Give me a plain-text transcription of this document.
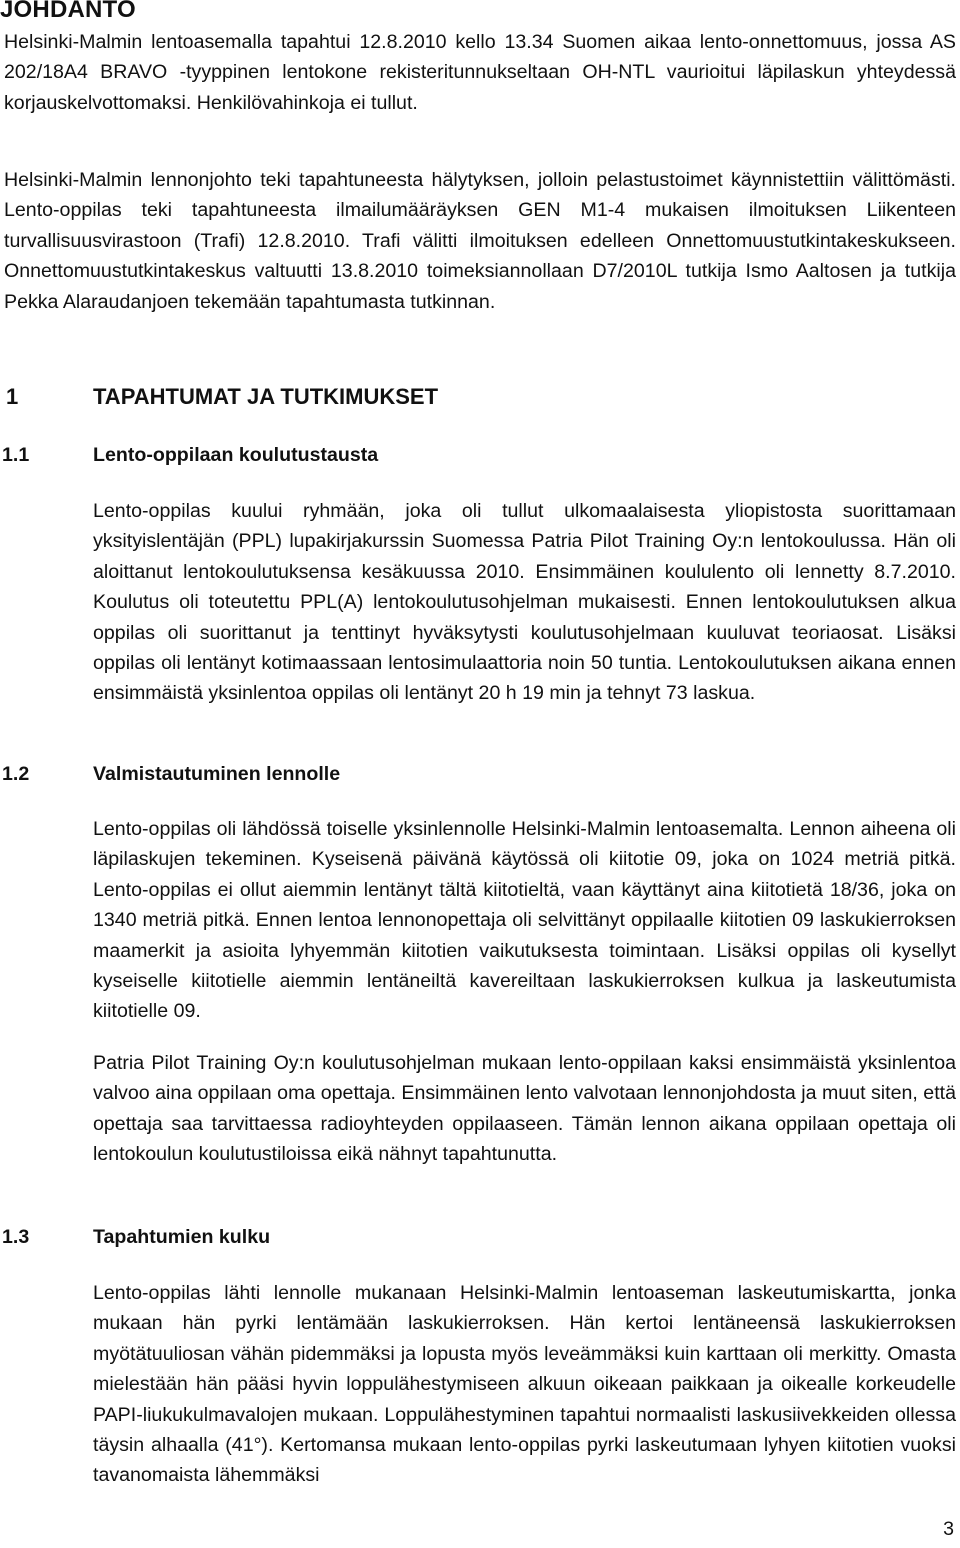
JOHDANTO

Helsinki-Malmin lentoasemalla tapahtui 12.8.2010 kello 13.34 Suomen aikaa lento-onnettomuus, jossa AS 202/18A4 BRAVO -tyyppinen lentokone rekisteritunnukseltaan OH-NTL vaurioitui läpilaskun yhteydessä korjauskelvottomaksi. Henkilövahinkoja ei tullut.

Helsinki-Malmin lennonjohto teki tapahtuneesta hälytyksen, jolloin pelastustoimet käynnistettiin välittömästi. Lento-oppilas teki tapahtuneesta ilmailumääräyksen GEN M1-4 mukaisen ilmoituksen Liikenteen turvallisuusvirastoon (Trafi) 12.8.2010. Trafi välitti ilmoituksen edelleen Onnettomuustutkintakeskukseen. Onnettomuustutkintakeskus valtuutti 13.8.2010 toimeksiannollaan D7/2010L tutkija Ismo Aaltosen ja tutkija Pekka Alaraudanjoen tekemään tapahtumasta tutkinnan.

1	TAPAHTUMAT JA TUTKIMUKSET
1.1	Lento-oppilaan koulutustausta

Lento-oppilas kuului ryhmään, joka oli tullut ulkomaalaisesta yliopistosta suorittamaan yksityislentäjän (PPL) lupakirjakurssin Suomessa Patria Pilot Training Oy:n lentokoulussa. Hän oli aloittanut lentokoulutuksensa kesäkuussa 2010. Ensimmäinen koululento oli lennetty 8.7.2010. Koulutus oli toteutettu PPL(A) lentokoulutusohjelman mukaisesti. Ennen lentokoulutuksen alkua oppilas oli suorittanut ja tenttinyt hyväksytysti koulutusohjelmaan kuuluvat teoriaosat. Lisäksi oppilas oli lentänyt kotimaassaan lentosimulaattoria noin 50 tuntia. Lentokoulutuksen aikana ennen ensimmäistä yksinlentoa oppilas oli lentänyt 20 h 19 min ja tehnyt 73 laskua.

1.2	Valmistautuminen lennolle

Lento-oppilas oli lähdössä toiselle yksinlennolle Helsinki-Malmin lentoasemalta. Lennon aiheena oli läpilaskujen tekeminen. Kyseisenä päivänä käytössä oli kiitotie 09, joka on 1024 metriä pitkä. Lento-oppilas ei ollut aiemmin lentänyt tältä kiitotieltä, vaan käyttänyt aina kiitotietä 18/36, joka on 1340 metriä pitkä. Ennen lentoa lennonopettaja oli selvittänyt oppilaalle kiitotien 09 laskukierroksen maamerkit ja asioita lyhyemmän kiitotien vaikutuksesta toimintaan. Lisäksi oppilas oli kysellyt kyseiselle kiitotielle aiemmin lentäneiltä kavereiltaan laskukierroksen kulkua ja laskeutumista kiitotielle 09.

Patria Pilot Training Oy:n koulutusohjelman mukaan lento-oppilaan kaksi ensimmäistä yksinlentoa valvoo aina oppilaan oma opettaja. Ensimmäinen lento valvotaan lennonjohdosta ja muut siten, että opettaja saa tarvittaessa radioyhteyden oppilaaseen. Tämän lennon aikana oppilaan opettaja oli lentokoulun koulutustiloissa eikä nähnyt tapahtunutta.

1.3	Tapahtumien kulku

Lento-oppilas lähti lennolle mukanaan Helsinki-Malmin lentoaseman laskeutumiskartta, jonka mukaan hän pyrki lentämään laskukierroksen. Hän kertoi lentäneensä laskukierroksen myötätuuliosan vähän pidemmäksi ja lopusta myös leveämmäksi kuin karttaan oli merkitty. Omasta mielestään hän pääsi hyvin loppulähestymiseen alkuun oikeaan paikkaan ja oikealle korkeudelle PAPI-liukukulmavalojen mukaan. Loppulähestyminen tapahtui normaalisti laskusiivekkeiden ollessa täysin alhaalla (41°). Kertomansa mukaan lento-oppilas pyrki laskeutumaan lyhyen kiitotien vuoksi tavanomaista lähemmäksi

3
